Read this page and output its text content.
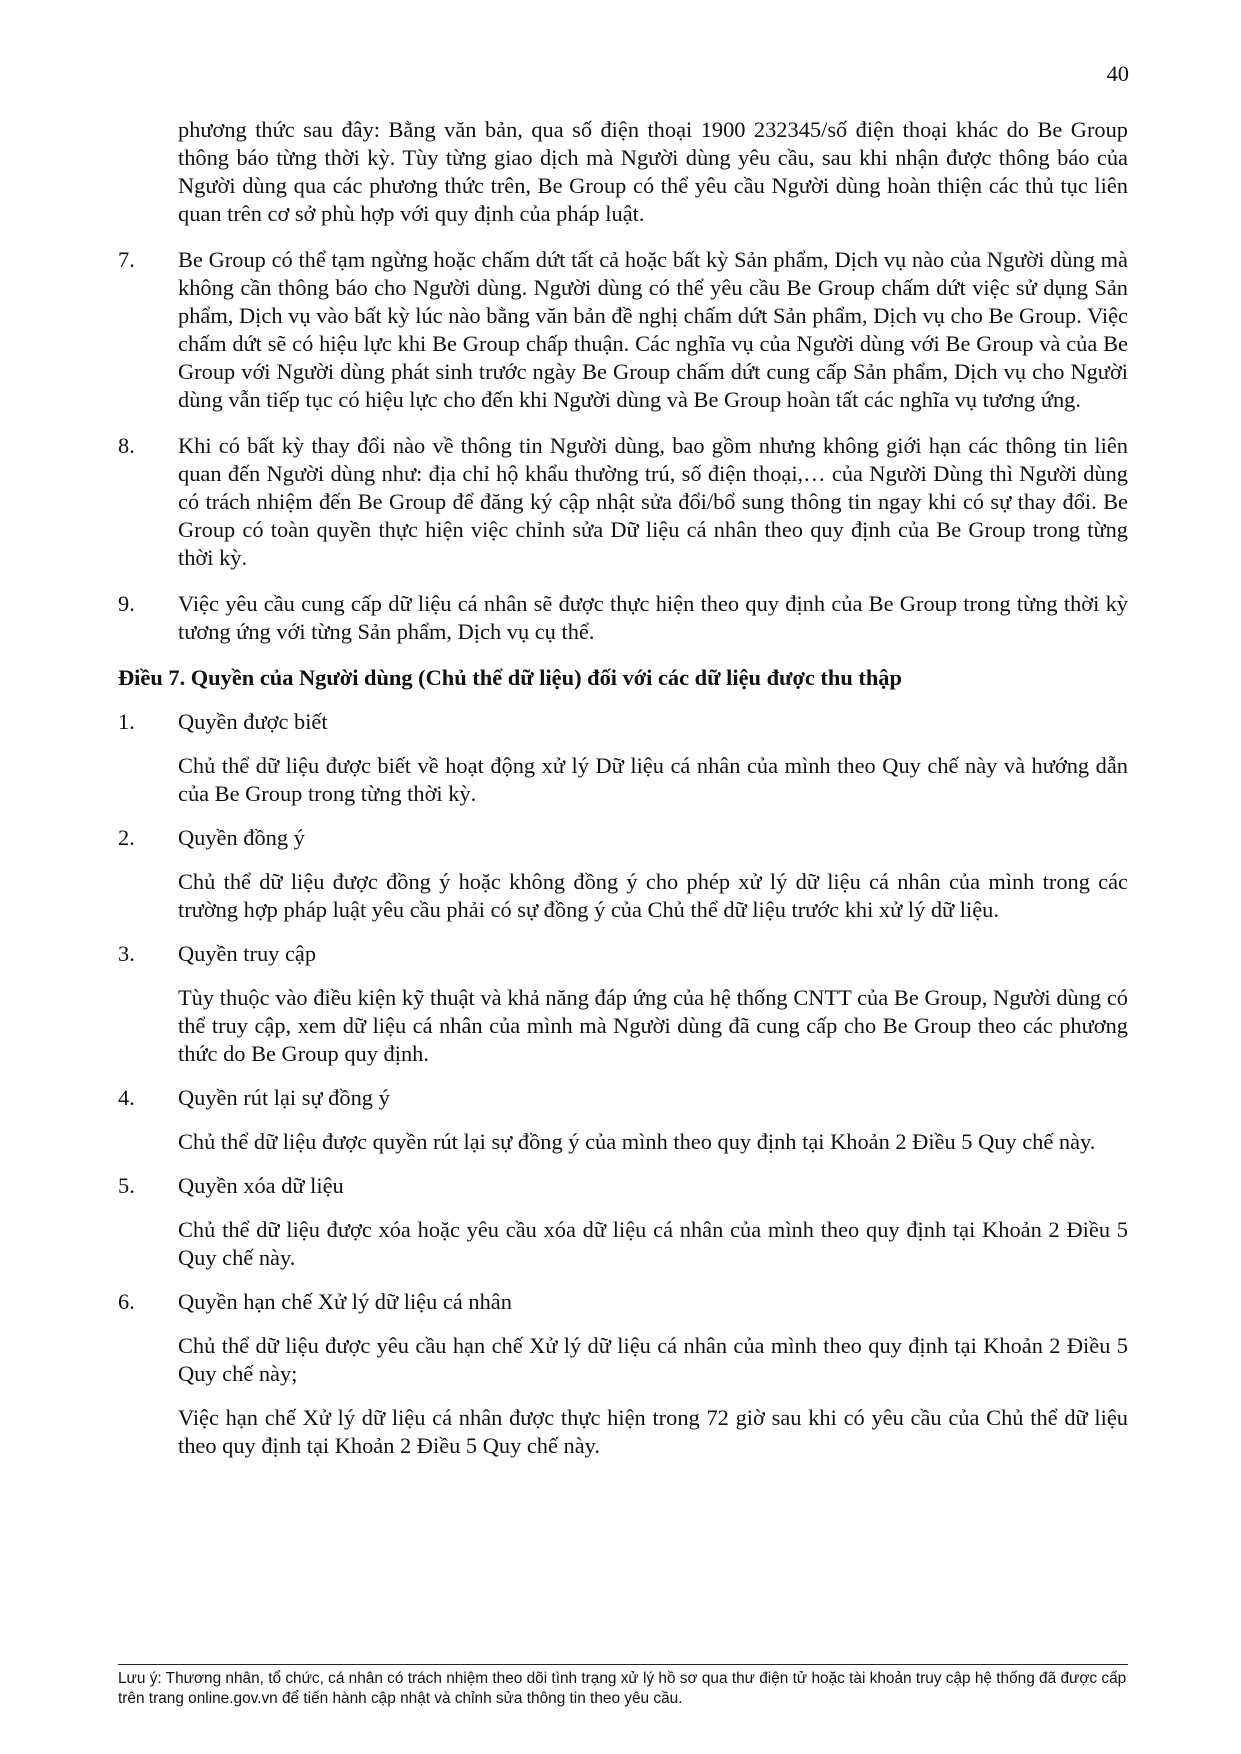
40

phương thức sau đây: Bằng văn bản, qua số điện thoại 1900 232345/số điện thoại khác do Be Group thông báo từng thời kỳ. Tùy từng giao dịch mà Người dùng yêu cầu, sau khi nhận được thông báo của Người dùng qua các phương thức trên, Be Group có thể yêu cầu Người dùng hoàn thiện các thủ tục liên quan trên cơ sở phù hợp với quy định của pháp luật.

7. Be Group có thể tạm ngừng hoặc chấm dứt tất cả hoặc bất kỳ Sản phẩm, Dịch vụ nào của Người dùng mà không cần thông báo cho Người dùng. Người dùng có thể yêu cầu Be Group chấm dứt việc sử dụng Sản phẩm, Dịch vụ vào bất kỳ lúc nào bằng văn bản đề nghị chấm dứt Sản phẩm, Dịch vụ cho Be Group. Việc chấm dứt sẽ có hiệu lực khi Be Group chấp thuận. Các nghĩa vụ của Người dùng với Be Group và của Be Group với Người dùng phát sinh trước ngày Be Group chấm dứt cung cấp Sản phẩm, Dịch vụ cho Người dùng vẫn tiếp tục có hiệu lực cho đến khi Người dùng và Be Group hoàn tất các nghĩa vụ tương ứng.

8. Khi có bất kỳ thay đổi nào về thông tin Người dùng, bao gồm nhưng không giới hạn các thông tin liên quan đến Người dùng như: địa chỉ hộ khẩu thường trú, số điện thoại,… của Người Dùng thì Người dùng có trách nhiệm đến Be Group để đăng ký cập nhật sửa đổi/bổ sung thông tin ngay khi có sự thay đổi. Be Group có toàn quyền thực hiện việc chỉnh sửa Dữ liệu cá nhân theo quy định của Be Group trong từng thời kỳ.

9. Việc yêu cầu cung cấp dữ liệu cá nhân sẽ được thực hiện theo quy định của Be Group trong từng thời kỳ tương ứng với từng Sản phẩm, Dịch vụ cụ thể.

Điều 7. Quyền của Người dùng (Chủ thể dữ liệu) đối với các dữ liệu được thu thập

1. Quyền được biết

Chủ thể dữ liệu được biết về hoạt động xử lý Dữ liệu cá nhân của mình theo Quy chế này và hướng dẫn của Be Group trong từng thời kỳ.

2. Quyền đồng ý

Chủ thể dữ liệu được đồng ý hoặc không đồng ý cho phép xử lý dữ liệu cá nhân của mình trong các trường hợp pháp luật yêu cầu phải có sự đồng ý của Chủ thể dữ liệu trước khi xử lý dữ liệu.

3. Quyền truy cập

Tùy thuộc vào điều kiện kỹ thuật và khả năng đáp ứng của hệ thống CNTT của Be Group, Người dùng có thể truy cập, xem dữ liệu cá nhân của mình mà Người dùng đã cung cấp cho Be Group theo các phương thức do Be Group quy định.

4. Quyền rút lại sự đồng ý

Chủ thể dữ liệu được quyền rút lại sự đồng ý của mình theo quy định tại Khoản 2 Điều 5 Quy chế này.

5. Quyền xóa dữ liệu

Chủ thể dữ liệu được xóa hoặc yêu cầu xóa dữ liệu cá nhân của mình theo quy định tại Khoản 2 Điều 5 Quy chế này.

6. Quyền hạn chế Xử lý dữ liệu cá nhân

Chủ thể dữ liệu được yêu cầu hạn chế Xử lý dữ liệu cá nhân của mình theo quy định tại Khoản 2 Điều 5 Quy chế này;

Việc hạn chế Xử lý dữ liệu cá nhân được thực hiện trong 72 giờ sau khi có yêu cầu của Chủ thể dữ liệu theo quy định tại Khoản 2 Điều 5 Quy chế này.

Lưu ý: Thương nhân, tổ chức, cá nhân có trách nhiệm theo dõi tình trạng xử lý hồ sơ qua thư điện tử hoặc tài khoản truy cập hệ thống đã được cấp trên trang online.gov.vn để tiến hành cập nhật và chỉnh sửa thông tin theo yêu cầu.
